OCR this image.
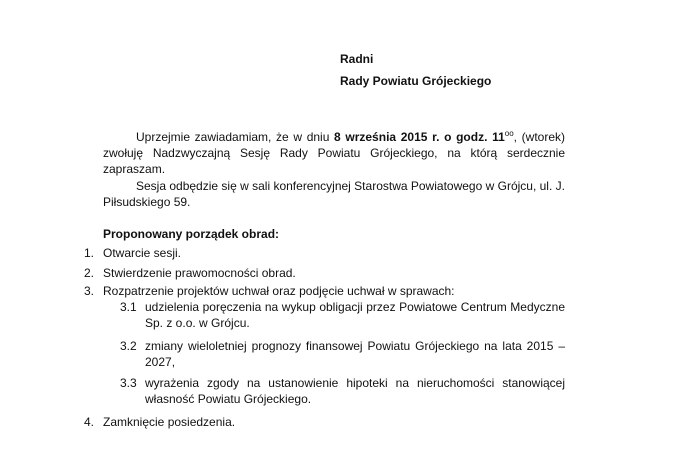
Radni
Rady Powiatu Grójeckiego
Uprzejmie zawiadamiam, że w dniu 8 września 2015 r. o godz. $11^{oo}$, (wtorek) zwołuję Nadzwyczajną Sesję Rady Powiatu Grójeckiego, na którą serdecznie zapraszam.
Sesja odbędzie się w sali konferencyjnej Starostwa Powiatowego w Grójcu, ul. J. Piłsudskiego 59.
Proponowany porządek obrad:
1. Otwarcie sesji.
2. Stwierdzenie prawomocności obrad.
3. Rozpatrzenie projektów uchwał oraz podjęcie uchwał w sprawach:
3.1 udzielenia poręczenia na wykup obligacji przez Powiatowe Centrum Medyczne Sp. z o.o. w Grójcu.
3.2 zmiany wieloletniej prognozy finansowej Powiatu Grójeckiego na lata 2015 – 2027,
3.3 wyrażenia zgody na ustanowienie hipoteki na nieruchomości stanowiącej własność Powiatu Grójeckiego.
4. Zamknięcie posiedzenia.
